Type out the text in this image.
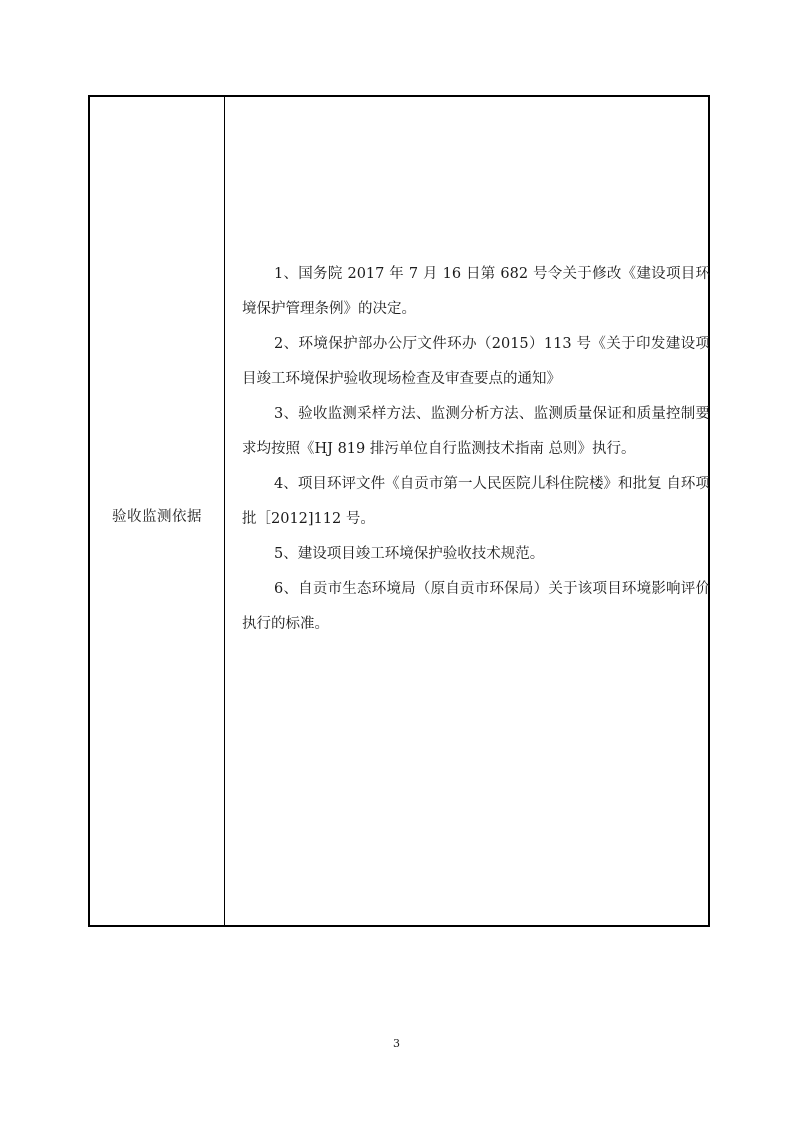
验收监测依据

1、国务院 2017 年 7 月 16 日第 682 号令关于修改《建设项目环境保护管理条例》的决定。

2、环境保护部办公厅文件环办（2015）113 号《关于印发建设项目竣工环境保护验收现场检查及审查要点的通知》

3、验收监测采样方法、监测分析方法、监测质量保证和质量控制要求均按照《HJ 819 排污单位自行监测技术指南 总则》执行。

4、项目环评文件《自贡市第一人民医院儿科住院楼》和批复 自环项批［2012]112 号。

5、建设项目竣工环境保护验收技术规范。

6、自贡市生态环境局（原自贡市环保局）关于该项目环境影响评价执行的标准。

3
